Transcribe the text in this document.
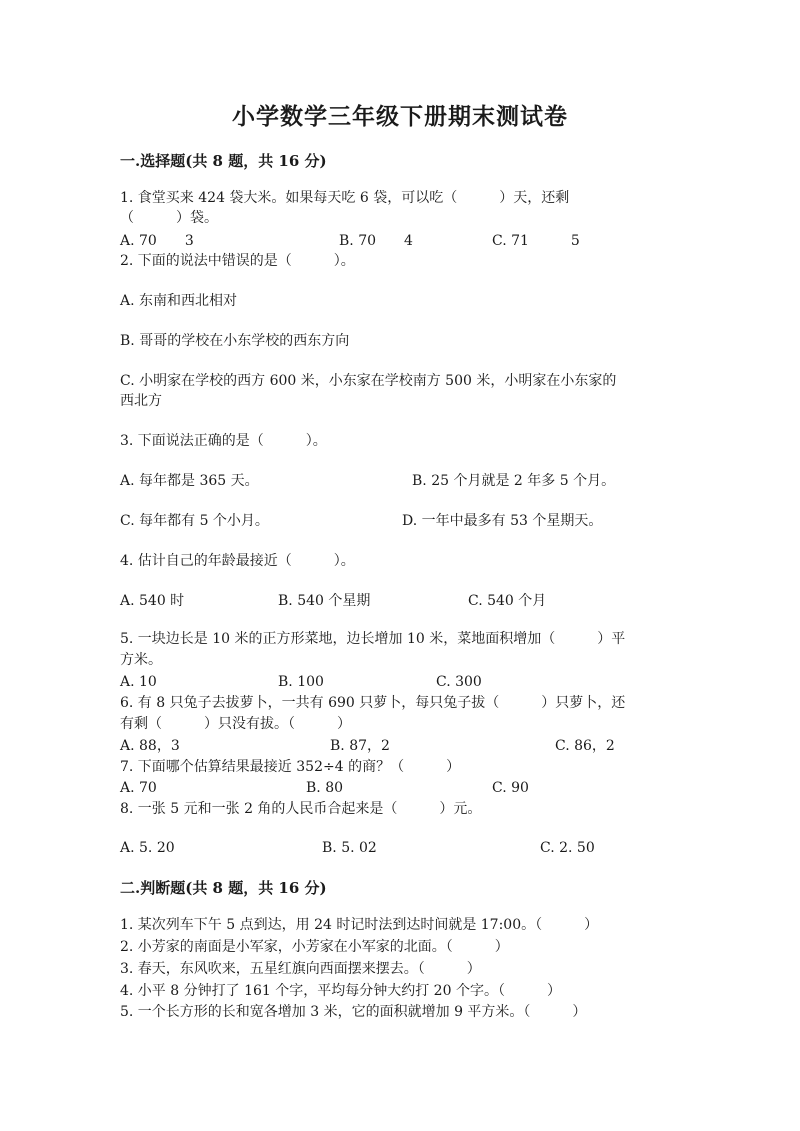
小学数学三年级下册期末测试卷
一.选择题(共 8 题，共 16 分)
1. 食堂买来 424 袋大米。如果每天吃 6 袋，可以吃（　　　）天，还剩
（　　　）袋。
A. 70　　3	B. 70　　4	C. 71　　　5
2. 下面的说法中错误的是（　　　）。
A. 东南和西北相对
B. 哥哥的学校在小东学校的西东方向
C. 小明家在学校的西方 600 米，小东家在学校南方 500 米，小明家在小东家的
西北方
3. 下面说法正确的是（　　　）。
A. 每年都是 365 天。	B. 25 个月就是 2 年多 5 个月。
C. 每年都有 5 个小月。	D. 一年中最多有 53 个星期天。
4. 估计自己的年龄最接近（　　　）。
A. 540 时	B. 540 个星期	C. 540 个月
5. 一块边长是 10 米的正方形菜地，边长增加 10 米，菜地面积增加（　　　）平
方米。
A. 10	B. 100	C. 300
6. 有 8 只兔子去拔萝卜，一共有 690 只萝卜，每只兔子拔（　　　）只萝卜，还
有剩（　　　）只没有拔。（　　　）
A. 88，3	B. 87，2	C. 86，2
7. 下面哪个估算结果最接近 352÷4 的商？（　　　）
A. 70	B. 80	C. 90
8. 一张 5 元和一张 2 角的人民币合起来是（　　　）元。
A. 5. 20	B. 5. 02	C. 2. 50
二.判断题(共 8 题，共 16 分)
1. 某次列车下午 5 点到达，用 24 时记时法到达时间就是 17:00。（　　　）
2. 小芳家的南面是小军家，小芳家在小军家的北面。（　　　）
3. 春天，东风吹来，五星红旗向西面摆来摆去。（　　　）
4. 小平 8 分钟打了 161 个字，平均每分钟大约打 20 个字。（　　　）
5. 一个长方形的长和宽各增加 3 米，它的面积就增加 9 平方米。（　　　）
